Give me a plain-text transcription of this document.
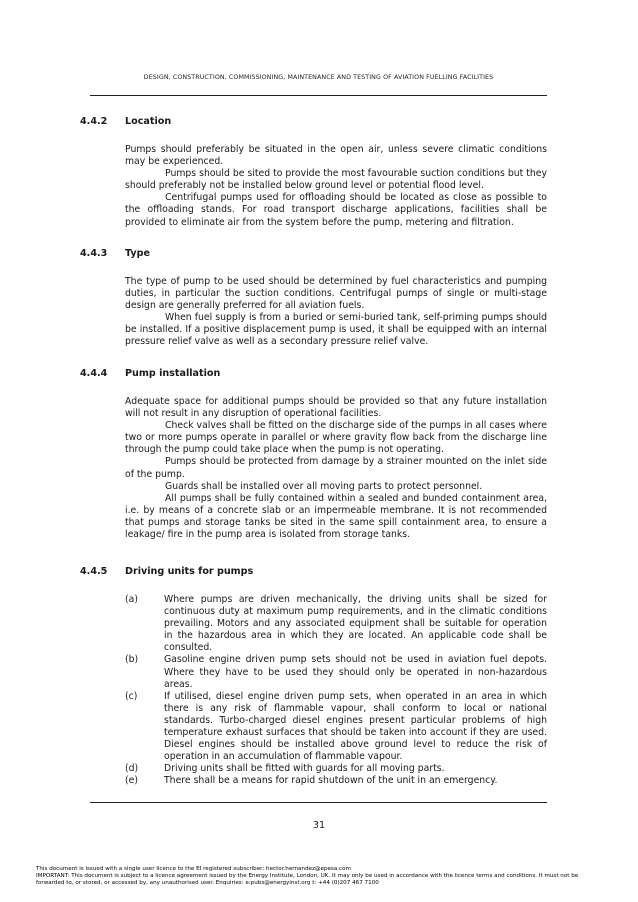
DESIGN, CONSTRUCTION, COMMISSIONING, MAINTENANCE AND TESTING OF AVIATION FUELLING FACILITIES
4.4.2 Location

Pumps should preferably be situated in the open air, unless severe climatic conditions may be experienced.

Pumps should be sited to provide the most favourable suction conditions but they should preferably not be installed below ground level or potential flood level.

Centrifugal pumps used for offloading should be located as close as possible to the offloading stands. For road transport discharge applications, facilities shall be provided to eliminate air from the system before the pump, metering and filtration.

4.4.3 Type

The type of pump to be used should be determined by fuel characteristics and pumping duties, in particular the suction conditions. Centrifugal pumps of single or multi-stage design are generally preferred for all aviation fuels.

When fuel supply is from a buried or semi-buried tank, self-priming pumps should be installed. If a positive displacement pump is used, it shall be equipped with an internal pressure relief valve as well as a secondary pressure relief valve.

4.4.4 Pump installation

Adequate space for additional pumps should be provided so that any future installation will not result in any disruption of operational facilities.

Check valves shall be fitted on the discharge side of the pumps in all cases where two or more pumps operate in parallel or where gravity flow back from the discharge line through the pump could take place when the pump is not operating.

Pumps should be protected from damage by a strainer mounted on the inlet side of the pump.

Guards shall be installed over all moving parts to protect personnel.

All pumps shall be fully contained within a sealed and bunded containment area, i.e. by means of a concrete slab or an impermeable membrane. It is not recommended that pumps and storage tanks be sited in the same spill containment area, to ensure a leakage/ fire in the pump area is isolated from storage tanks.

4.4.5 Driving units for pumps
(a)	Where pumps are driven mechanically, the driving units shall be sized for continuous duty at maximum pump requirements, and in the climatic conditions prevailing. Motors and any associated equipment shall be suitable for operation in the hazardous area in which they are located. An applicable code shall be consulted.
(b)	Gasoline engine driven pump sets should not be used in aviation fuel depots. Where they have to be used they should only be operated in non-hazardous areas.
(c)	If utilised, diesel engine driven pump sets, when operated in an area in which there is any risk of flammable vapour, shall conform to local or national standards. Turbo-charged diesel engines present particular problems of high temperature exhaust surfaces that should be taken into account if they are used. Diesel engines should be installed above ground level to reduce the risk of operation in an accumulation of flammable vapour.
(d)	Driving units shall be fitted with guards for all moving parts.
(e)	There shall be a means for rapid shutdown of the unit in an emergency.
31
This document is issued with a single user licence to the EI registered subscriber: hector.hernandez@epesa.com
IMPORTANT: This document is subject to a licence agreement issued by the Energy Institute, London, UK. It may only be used in accordance with the licence terms and conditions. It must not be
forwarded to, or stored, or accessed by, any unauthorised user. Enquiries: e:pubs@energyinst.org t: +44 (0)207 467 7100
